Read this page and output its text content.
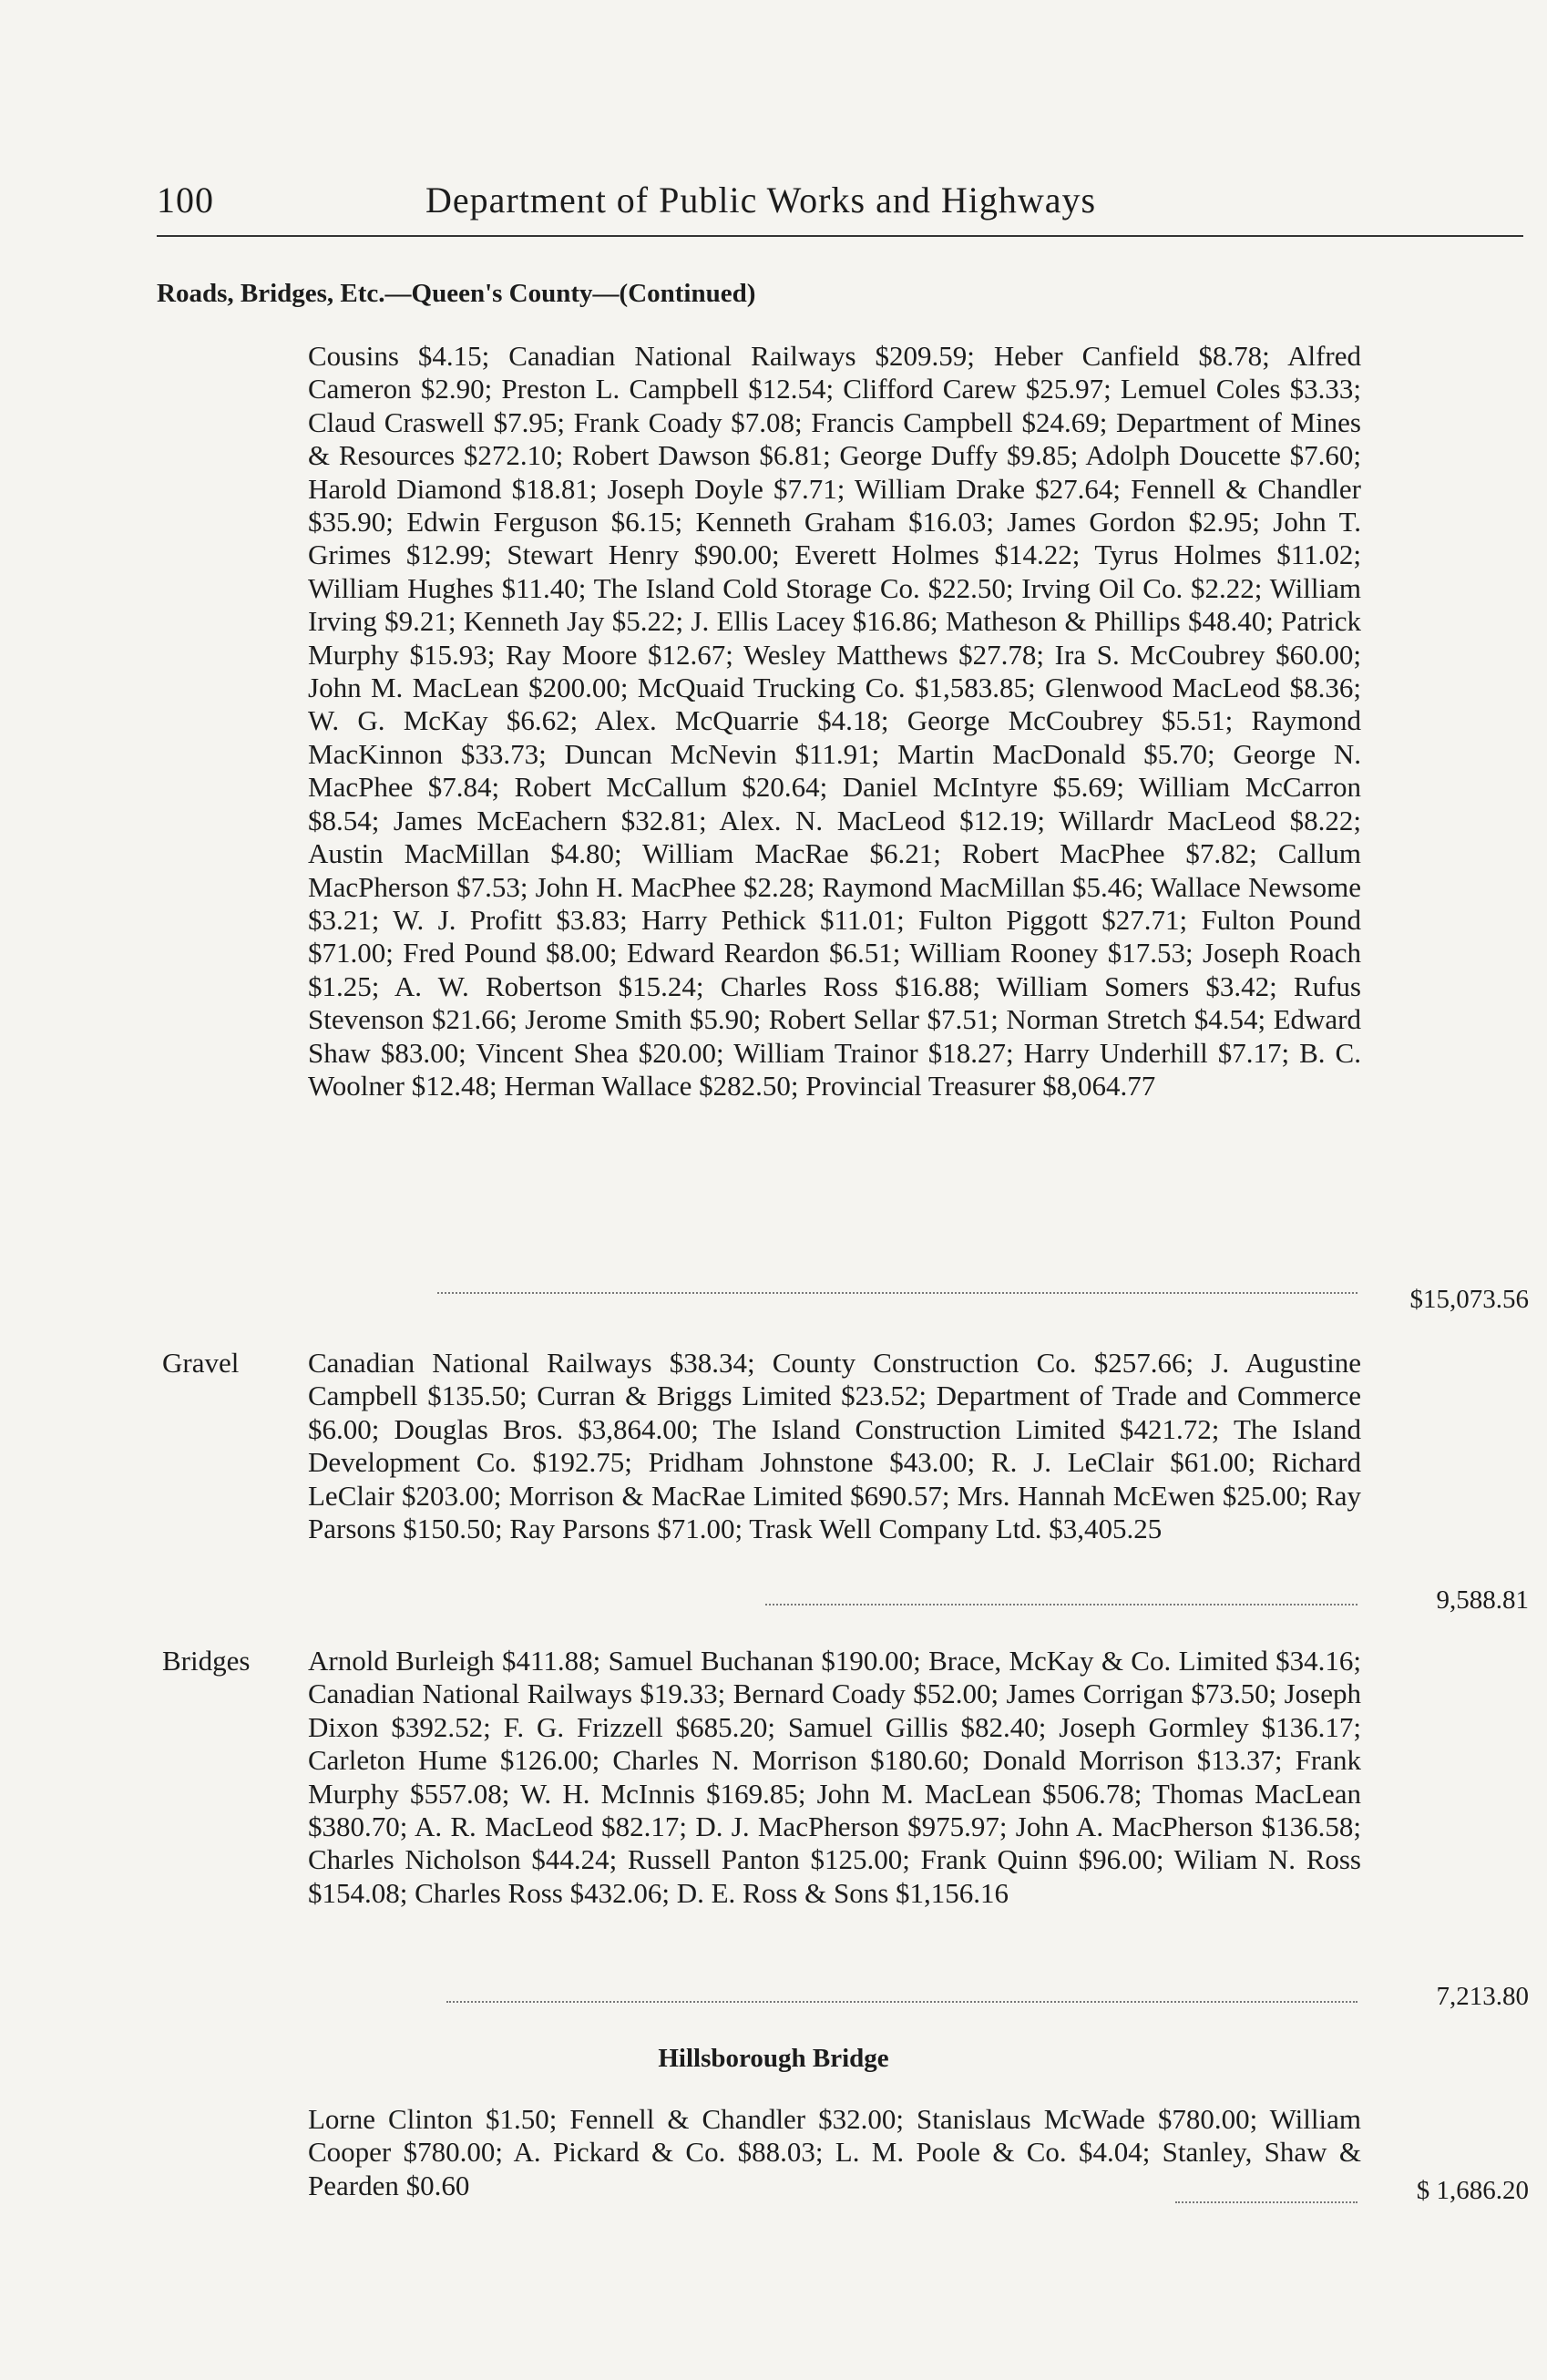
100	Department of Public Works and Highways
Roads, Bridges, Etc.—Queen's County—(Continued)
Cousins $4.15; Canadian National Railways $209.59; Heber Canfield $8.78; Alfred Cameron $2.90; Preston L. Campbell $12.54; Clifford Carew $25.97; Lemuel Coles $3.33; Claud Craswell $7.95; Frank Coady $7.08; Francis Campbell $24.69; Department of Mines & Resources $272.10; Robert Dawson $6.81; George Duffy $9.85; Adolph Doucette $7.60; Harold Diamond $18.81; Joseph Doyle $7.71; William Drake $27.64; Fennell & Chandler $35.90; Edwin Ferguson $6.15; Kenneth Graham $16.03; James Gordon $2.95; John T. Grimes $12.99; Stewart Henry $90.00; Everett Holmes $14.22; Tyrus Holmes $11.02; William Hughes $11.40; The Island Cold Storage Co. $22.50; Irving Oil Co. $2.22; William Irving $9.21; Kenneth Jay $5.22; J. Ellis Lacey $16.86; Matheson & Phillips $48.40; Patrick Murphy $15.93; Ray Moore $12.67; Wesley Matthews $27.78; Ira S. McCoubrey $60.00; John M. MacLean $200.00; McQuaid Trucking Co. $1,583.85; Glenwood MacLeod $8.36; W. G. McKay $6.62; Alex. McQuarrie $4.18; George McCoubrey $5.51; Raymond MacKinnon $33.73; Duncan McNevin $11.91; Martin MacDonald $5.70; George N. MacPhee $7.84; Robert McCallum $20.64; Daniel McIntyre $5.69; William McCarron $8.54; James McEachern $32.81; Alex. N. MacLeod $12.19; Willardr MacLeod $8.22; Austin MacMillan $4.80; William MacRae $6.21; Robert MacPhee $7.82; Callum MacPherson $7.53; John H. MacPhee $2.28; Raymond MacMillan $5.46; Wallace Newsome $3.21; W. J. Profitt $3.83; Harry Pethick $11.01; Fulton Piggott $27.71; Fulton Pound $71.00; Fred Pound $8.00; Edward Reardon $6.51; William Rooney $17.53; Joseph Roach $1.25; A. W. Robertson $15.24; Charles Ross $16.88; William Somers $3.42; Rufus Stevenson $21.66; Jerome Smith $5.90; Robert Sellar $7.51; Norman Stretch $4.54; Edward Shaw $83.00; Vincent Shea $20.00; William Trainor $18.27; Harry Underhill $7.17; B. C. Woolner $12.48; Herman Wallace $282.50; Provincial Treasurer $8,064.77
$15,073.56
Gravel Canadian National Railways $38.34; County Construction Co. $257.66; J. Augustine Campbell $135.50; Curran & Briggs Limited $23.52; Department of Trade and Commerce $6.00; Douglas Bros. $3,864.00; The Island Construction Limited $421.72; The Island Development Co. $192.75; Pridham Johnstone $43.00; R. J. LeClair $61.00; Richard LeClair $203.00; Morrison & MacRae Limited $690.57; Mrs. Hannah McEwen $25.00; Ray Parsons $150.50; Ray Parsons $71.00; Trask Well Company Ltd. $3,405.25
9,588.81
Bridges Arnold Burleigh $411.88; Samuel Buchanan $190.00; Brace, McKay & Co. Limited $34.16; Canadian National Railways $19.33; Bernard Coady $52.00; James Corrigan $73.50; Joseph Dixon $392.52; F. G. Frizzell $685.20; Samuel Gillis $82.40; Joseph Gormley $136.17; Carleton Hume $126.00; Charles N. Morrison $180.60; Donald Morrison $13.37; Frank Murphy $557.08; W. H. McInnis $169.85; John M. MacLean $506.78; Thomas MacLean $380.70; A. R. MacLeod $82.17; D. J. MacPherson $975.97; John A. MacPherson $136.58; Charles Nicholson $44.24; Russell Panton $125.00; Frank Quinn $96.00; Wiliam N. Ross $154.08; Charles Ross $432.06; D. E. Ross & Sons $1,156.16
7,213.80
Hillsborough Bridge
Lorne Clinton $1.50; Fennell & Chandler $32.00; Stanislaus McWade $780.00; William Cooper $780.00; A. Pickard & Co. $88.03; L. M. Poole & Co. $4.04; Stanley, Shaw & Pearden $0.60	$ 1,686.20
